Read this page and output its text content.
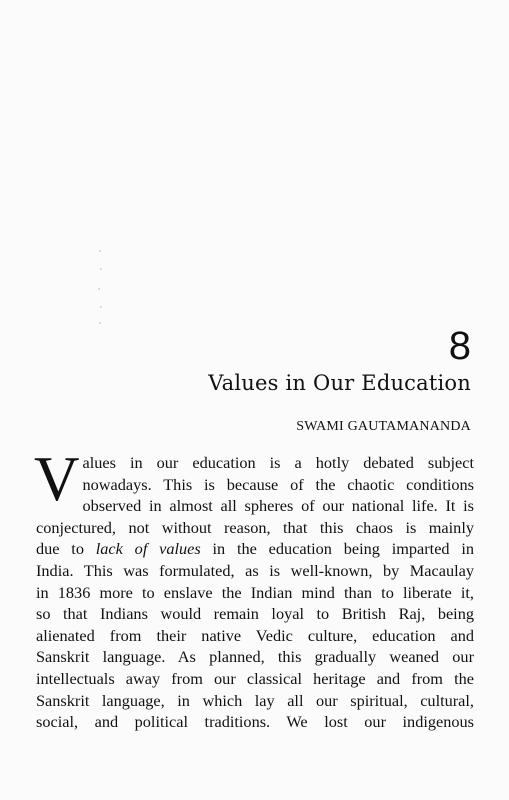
8
Values in Our Education
SWAMI GAUTAMANANDA
V alues in our education is a hotly debated subject
nowadays. This is because of the chaotic conditions
observed in almost all spheres of our national life. It is
conjectured, not without reason, that this chaos is mainly
due to lack of values in the education being imparted in
India. This was formulated, as is well-known, by Macaulay
in 1836 more to enslave the Indian mind than to liberate it,
so that Indians would remain loyal to British Raj, being
alienated from their native Vedic culture, education and
Sanskrit language. As planned, this gradually weaned our
intellectuals away from our classical heritage and from the
Sanskrit language, in which lay all our spiritual, cultural,
social, and political traditions. We lost our indigenous
